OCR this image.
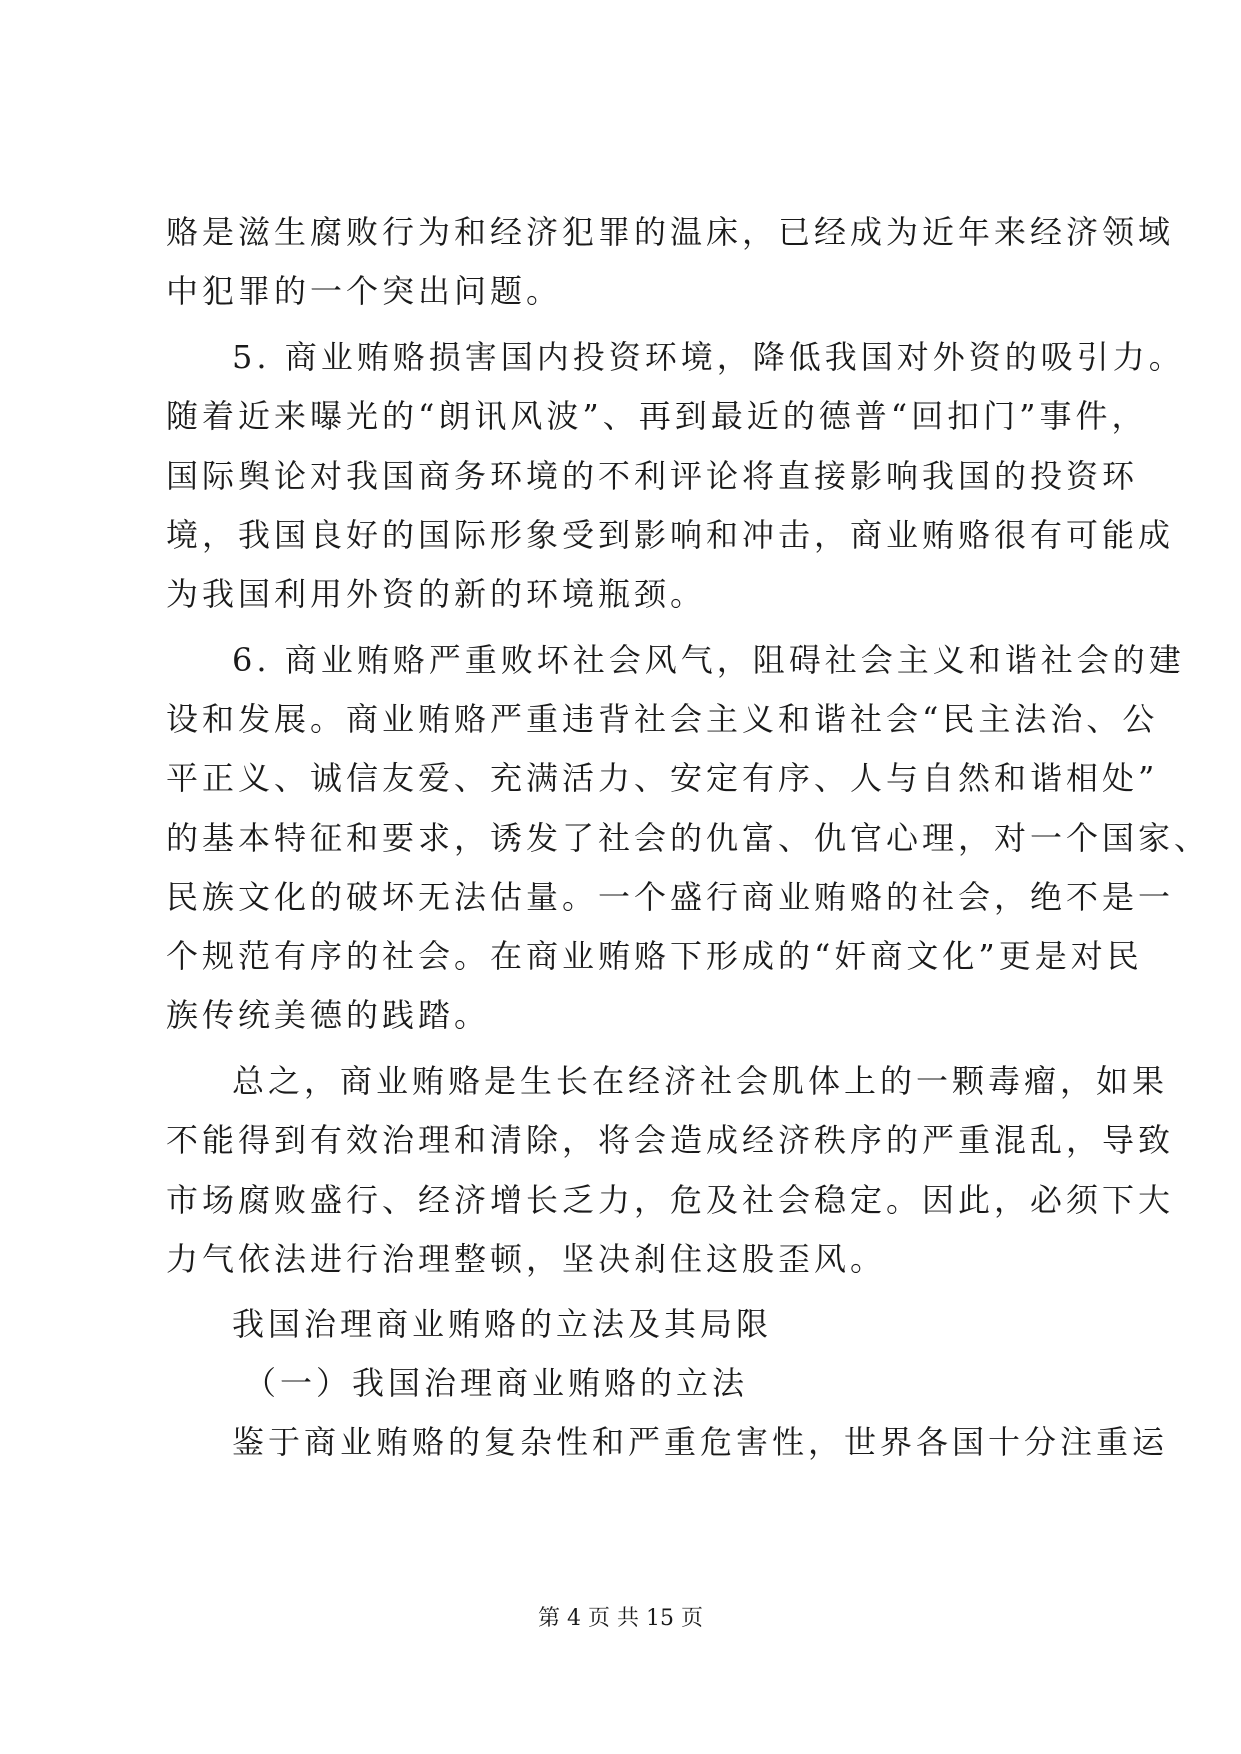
赂是滋生腐败行为和经济犯罪的温床，已经成为近年来经济领域
中犯罪的一个突出问题。
5. 商业贿赂损害国内投资环境，降低我国对外资的吸引力。
随着近来曝光的“朗讯风波”、再到最近的德普“回扣门”事件，
国际舆论对我国商务环境的不利评论将直接影响我国的投资环
境，我国良好的国际形象受到影响和冲击，商业贿赂很有可能成
为我国利用外资的新的环境瓶颈。
6. 商业贿赂严重败坏社会风气，阻碍社会主义和谐社会的建
设和发展。商业贿赂严重违背社会主义和谐社会“民主法治、公
平正义、诚信友爱、充满活力、安定有序、人与自然和谐相处”
的基本特征和要求，诱发了社会的仇富、仇官心理，对一个国家、
民族文化的破坏无法估量。一个盛行商业贿赂的社会，绝不是一
个规范有序的社会。在商业贿赂下形成的“奸商文化”更是对民
族传统美德的践踏。
总之，商业贿赂是生长在经济社会肌体上的一颗毒瘤，如果
不能得到有效治理和清除，将会造成经济秩序的严重混乱，导致
市场腐败盛行、经济增长乏力，危及社会稳定。因此，必须下大
力气依法进行治理整顿，坚决刹住这股歪风。
我国治理商业贿赂的立法及其局限
（一）我国治理商业贿赂的立法
鉴于商业贿赂的复杂性和严重危害性，世界各国十分注重运
第 4 页 共 15 页
